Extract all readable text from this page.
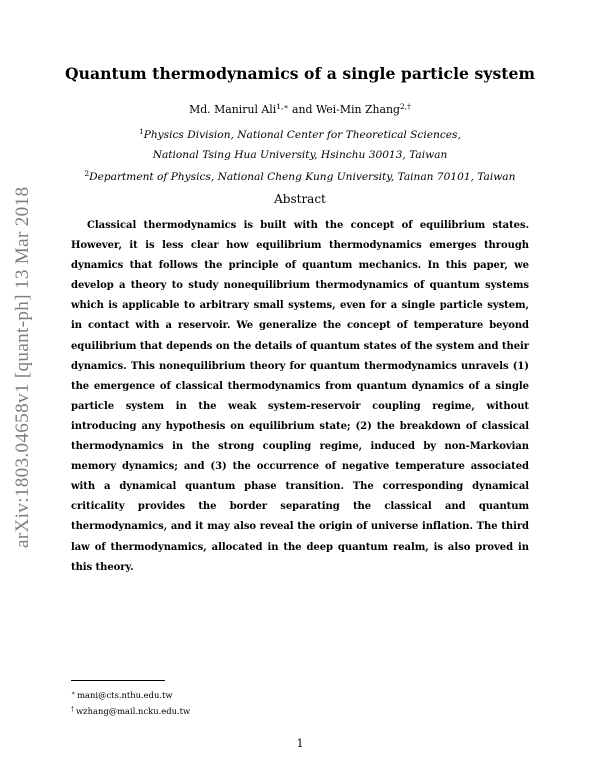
arXiv:1803.04658v1 [quant-ph] 13 Mar 2018
Quantum thermodynamics of a single particle system
Md. Manirul Ali$^{1,∗}$ and Wei-Min Zhang$^{2,\dagger}$
$^1$Physics Division, National Center for Theoretical Sciences,
National Tsing Hua University, Hsinchu 30013, Taiwan
$^2$Department of Physics, National Cheng Kung University, Tainan 70101, Taiwan
Abstract

Classical thermodynamics is built with the concept of equilibrium states. However, it is less clear how equilibrium thermodynamics emerges through dynamics that follows the principle of quantum mechanics. In this paper, we develop a theory to study nonequilibrium thermodynamics of quantum systems which is applicable to arbitrary small systems, even for a single particle system, in contact with a reservoir. We generalize the concept of temperature beyond equilibrium that depends on the details of quantum states of the system and their dynamics. This nonequilibrium theory for quantum thermodynamics unravels (1) the emergence of classical thermodynamics from quantum dynamics of a single particle system in the weak system-reservoir coupling regime, without introducing any hypothesis on equilibrium state; (2) the breakdown of classical thermodynamics in the strong coupling regime, induced by non-Markovian memory dynamics; and (3) the occurrence of negative temperature associated with a dynamical quantum phase transition. The corresponding dynamical criticality provides the border separating the classical and quantum thermodynamics, and it may also reveal the origin of universe inflation. The third law of thermodynamics, allocated in the deep quantum realm, is also proved in this theory.

∗ mani@cts.nthu.edu.tw
† wzhang@mail.ncku.edu.tw
1
